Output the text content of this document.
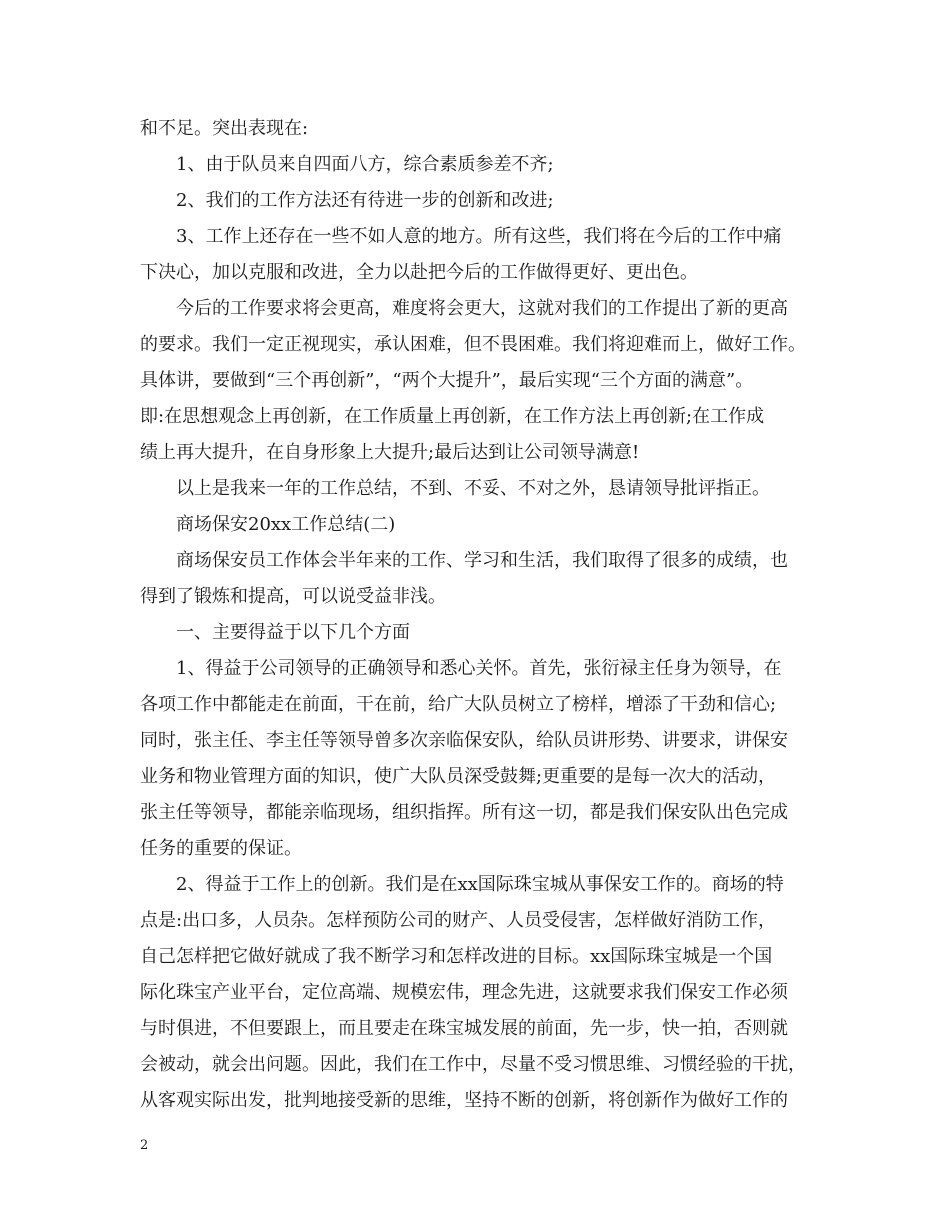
和不足。突出表现在:
1、由于队员来自四面八方，综合素质参差不齐;
2、我们的工作方法还有待进一步的创新和改进;
3、工作上还存在一些不如人意的地方。所有这些，我们将在今后的工作中痛
下决心，加以克服和改进，全力以赴把今后的工作做得更好、更出色。
今后的工作要求将会更高，难度将会更大，这就对我们的工作提出了新的更高
的要求。我们一定正视现实，承认困难，但不畏困难。我们将迎难而上，做好工作。
具体讲，要做到“三个再创新”，“两个大提升”，最后实现“三个方面的满意”。
即:在思想观念上再创新，在工作质量上再创新，在工作方法上再创新;在工作成
绩上再大提升，在自身形象上大提升;最后达到让公司领导满意!
以上是我来一年的工作总结，不到、不妥、不对之外，恳请领导批评指正。
商场保安20xx工作总结(二)
商场保安员工作体会半年来的工作、学习和生活，我们取得了很多的成绩，也
得到了锻炼和提高，可以说受益非浅。
一、主要得益于以下几个方面
1、得益于公司领导的正确领导和悉心关怀。首先，张衍禄主任身为领导，在
各项工作中都能走在前面，干在前，给广大队员树立了榜样，增添了干劲和信心;
同时，张主任、李主任等领导曾多次亲临保安队，给队员讲形势、讲要求，讲保安
业务和物业管理方面的知识，使广大队员深受鼓舞;更重要的是每一次大的活动，
张主任等领导，都能亲临现场，组织指挥。所有这一切，都是我们保安队出色完成
任务的重要的保证。
2、得益于工作上的创新。我们是在xx国际珠宝城从事保安工作的。商场的特
点是:出口多，人员杂。怎样预防公司的财产、人员受侵害，怎样做好消防工作，
自己怎样把它做好就成了我不断学习和怎样改进的目标。xx国际珠宝城是一个国
际化珠宝产业平台，定位高端、规模宏伟，理念先进，这就要求我们保安工作必须
与时俱进，不但要跟上，而且要走在珠宝城发展的前面，先一步，快一拍，否则就
会被动，就会出问题。因此，我们在工作中，尽量不受习惯思维、习惯经验的干扰，
从客观实际出发，批判地接受新的思维，坚持不断的创新，将创新作为做好工作的
2
